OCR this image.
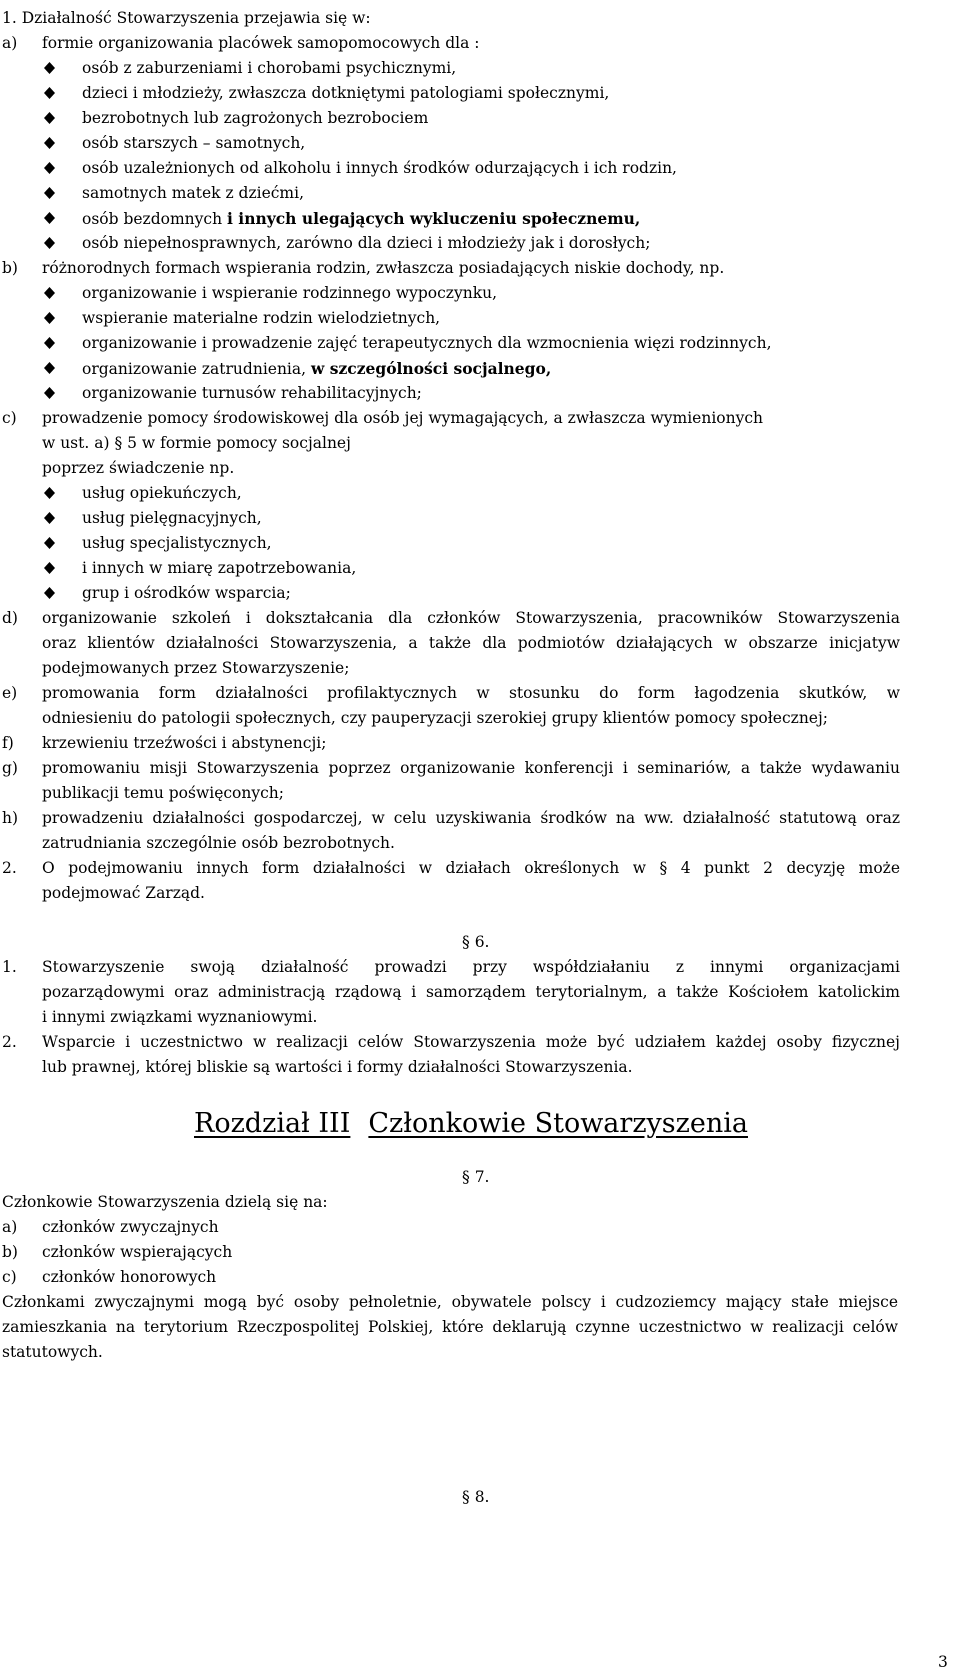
1. Działalność Stowarzyszenia przejawia się w:
a) formie organizowania placówek samopomocowych dla :
osób z zaburzeniami i chorobami psychicznymi,
dzieci i młodzieży, zwłaszcza dotkniętymi patologiami społecznymi,
bezrobotnych lub zagrożonych bezrobociem
osób starszych – samotnych,
osób uzależnionych od alkoholu i innych środków odurzających i ich rodzin,
samotnych matek z dziećmi,
osób bezdomnych i innych ulegających wykluczeniu społecznemu,
osób niepełnosprawnych, zarówno dla dzieci i młodzieży jak i dorosłych;
b) różnorodnych formach wspierania rodzin, zwłaszcza posiadających niskie dochody, np.
organizowanie i wspieranie rodzinnego wypoczynku,
wspieranie materialne rodzin wielodzietnych,
organizowanie i prowadzenie zajęć terapeutycznych dla wzmocnienia więzi rodzinnych,
organizowanie zatrudnienia, w szczególności socjalnego,
organizowanie turnusów rehabilitacyjnych;
c) prowadzenie pomocy środowiskowej dla osób jej wymagających, a zwłaszcza wymienionych
w ust. a) § 5 w formie pomocy socjalnej
poprzez świadczenie np.
usług opiekuńczych,
usług pielęgnacyjnych,
usług specjalistycznych,
i innych w miarę zapotrzebowania,
grup i ośrodków wsparcia;
d) organizowanie szkoleń i dokształcania dla członków Stowarzyszenia, pracowników Stowarzyszenia
oraz klientów działalności Stowarzyszenia, a także dla podmiotów działających w obszarze inicjatyw
podejmowanych przez Stowarzyszenie;
e) promowania form działalności profilaktycznych w stosunku do form łagodzenia skutków, w
odniesieniu do patologii społecznych, czy pauperyzacji szerokiej grupy klientów pomocy społecznej;
f) krzewieniu trzeźwości i abstynencji;
g) promowaniu misji Stowarzyszenia poprzez organizowanie konferencji i seminariów, a także wydawaniu
publikacji temu poświęconych;
h) prowadzeniu działalności gospodarczej, w celu uzyskiwania środków na ww. działalność statutową oraz
zatrudniania szczególnie osób bezrobotnych.
2. O podejmowaniu innych form działalności w działach określonych w § 4 punkt 2 decyzję może
podejmować Zarząd.
§ 6.
1. Stowarzyszenie swoją działalność prowadzi przy współdziałaniu z innymi organizacjami
pozarządowymi oraz administracją rządową i samorządem terytorialnym, a także Kościołem katolickim
i innymi związkami wyznaniowymi.
2. Wsparcie i uczestnictwo w realizacji celów Stowarzyszenia może być udziałem każdej osoby fizycznej
lub prawnej, której bliskie są wartości i formy działalności Stowarzyszenia.
Rozdział III Członkowie Stowarzyszenia
§ 7.
Członkowie Stowarzyszenia dzielą się na:
a) członków zwyczajnych
b) członków wspierających
c) członków honorowych
Członkami zwyczajnymi mogą być osoby pełnoletnie, obywatele polscy i cudzoziemcy mający stałe miejsce
zamieszkania na terytorium Rzeczpospolitej Polskiej, które deklarują czynne uczestnictwo w realizacji celów
statutowych.
§ 8.
3
